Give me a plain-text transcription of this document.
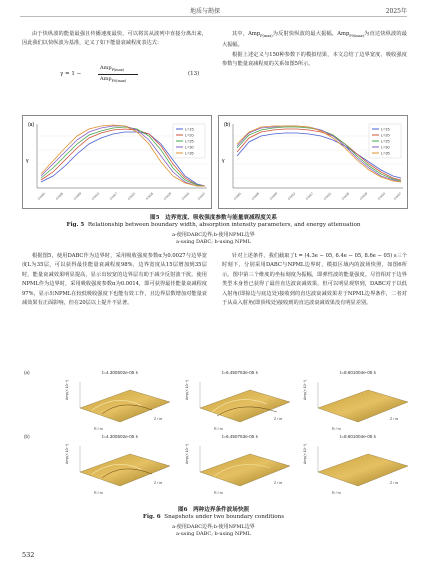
地质与勘探	2025年

由于快纵波的能量最强且传播速度最快，可以将其从波列中直接分离出来，因此我们以快纵波为基准，定义了如下能量衰减程度表达式：

γ = 1 −
Amp$_{P(max)}$
Amp$_{P0(max)}$
(13)

其中，Amp$_{P(max)}$为反射快纵波的最大振幅，Amp$_{P0(max)}$为直达快纵波的最大振幅。

根据上述定义与150种参数下的模拟结果，本文总结了边界宽度、吸收强度参数与能量衰减程度的关系如图5所示。

(a)
γ
L=15
L=20
L=25
L=30
L=35
0.0001	0.0005	0.0009	0.0013	0.0017	0.0021	0.0025	0.0029	0.0033 0.0037
(b)
γ
L=15
L=20
L=25
L=30
L=35
0.0001	0.0005	0.0009	0.0013	0.0017	0.0021	0.0025	0.0029	0.0033 0.0037
图5　边界宽度、吸收强度参数与能量衰减程度关系
Fig. 5 Relationship between boundary width, absorption intensity parameters, and energy attenuation
a-使用DABC边界;b-使用NPML边界
a-using DABC; b-using NPML

根据图5，使用DABC作为边界时，采用吸收强度参数α为0.0027与边界宽度L为35层，可以获得最佳能量衰减程度98%，边界宽度从15层增加到35层时，能量衰减效果明显提高，显示出较宽的边界层有助于减少反射波干扰。使用NPML作为边界时，采用吸收强度参数α为0.0014，即可获得最佳能量衰减程度97%，显示出NPML在较低吸收强度下也能有效工作，且边界层数增加对能量衰减效果有正面影响，但在20层以上提升不显著。

针对上述条件，我们截取了t = (4.3e − 05, 6.4e − 05, 8.6e − 05) s三个时刻下，分别采用DABC与NPML边界时，模拟区域内的波场快照，如图6所示。图中第三个维度的坐标刻度为振幅，即弹性波的能量强度。尽管相对于边界类型本身皆已获得了最佳直达波衰减效果，但可以明显观察到，DABC对于以低入射角(即掠边与底边处)接收到的直达波衰减效果差于NPML边界条件，二者对于从高入射角(即顶线处)接收到的直达波衰减效果没有明显差别。

(a)
(b)
t=4.300502e-05 s	t=6.450753e-05 s	t=8.601004e-05 s
t=4.300502e-05 s	t=6.450753e-05 s	t=8.601004e-05 s
Amp(× 10⁻⁴)	Amp(× 10⁻⁴)	Amp(× 10⁻⁴)
Amp(× 10⁻⁴)	Amp(× 10⁻⁴)	Amp(× 10⁻⁴)
R / m	R / m	R / m
R / m	R / m	R / m
Z / m	Z / m	Z / m
Z / m	Z / m	Z / m
图6　两种边界条件波场快照
Fig. 6 Snapshots under two boundary conditions
a-使用DABC边界;b-使用NPML边界
a-using DABC; b-using NPML
532
